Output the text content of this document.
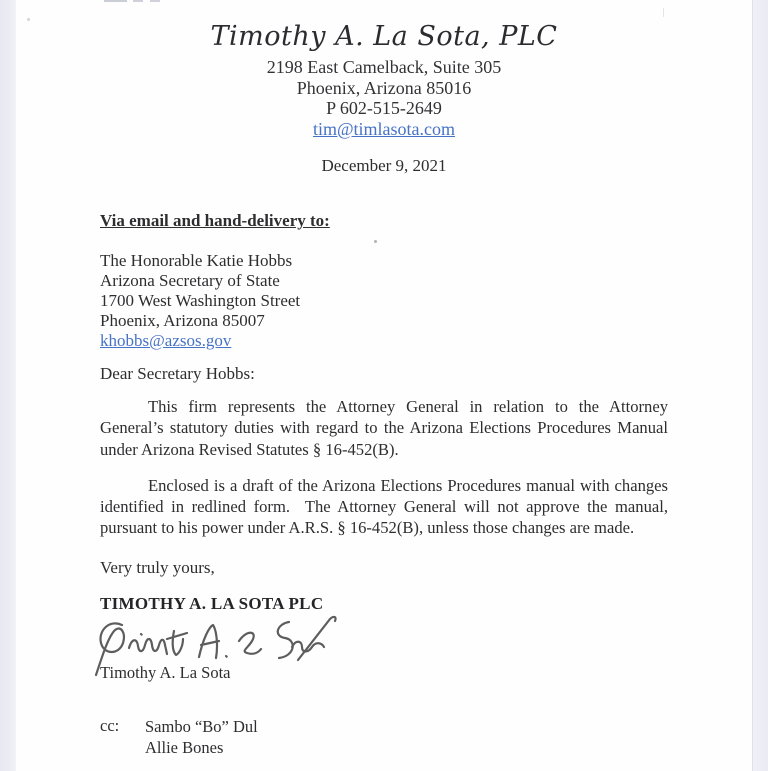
Timothy A. La Sota, PLC
2198 East Camelback, Suite 305
Phoenix, Arizona 85016
P 602-515-2649
tim@timlasota.com
December 9, 2021
Via email and hand-delivery to:
The Honorable Katie Hobbs
Arizona Secretary of State
1700 West Washington Street
Phoenix, Arizona 85007
khobbs@azsos.gov
Dear Secretary Hobbs:

This firm represents the Attorney General in relation to the Attorney General’s statutory duties with regard to the Arizona Elections Procedures Manual under Arizona Revised Statutes § 16-452(B).

Enclosed is a draft of the Arizona Elections Procedures manual with changes identified in redlined form.  The Attorney General will not approve the manual, pursuant to his power under A.R.S. § 16-452(B), unless those changes are made.

Very truly yours,
TIMOTHY A. LA SOTA PLC
Timothy A. La Sota
cc:	Sambo “Bo” Dul
Allie Bones
